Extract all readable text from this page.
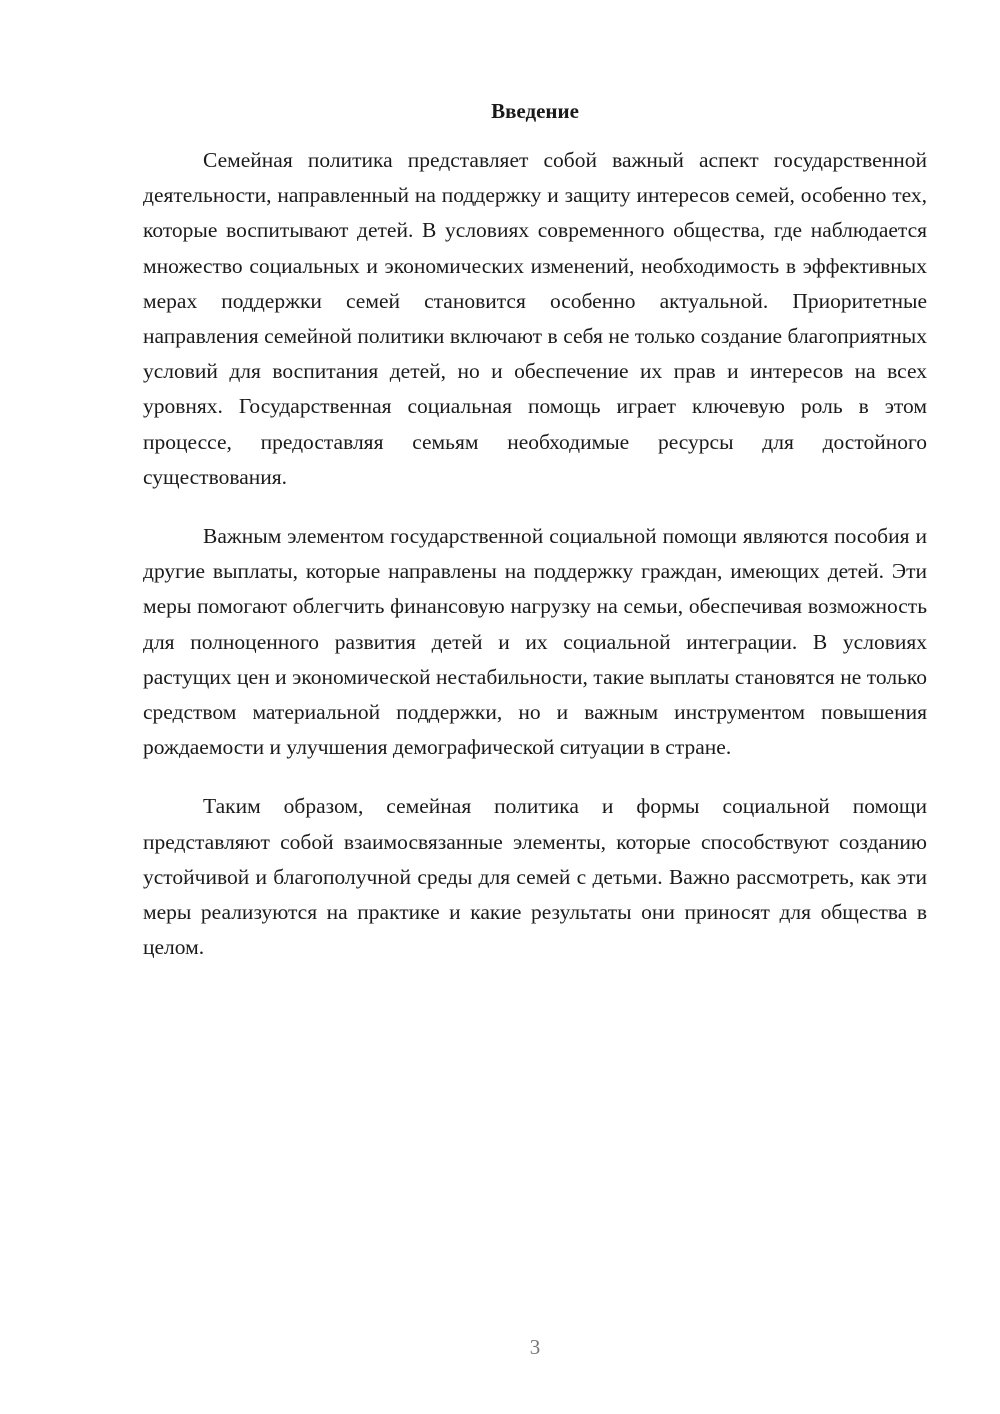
Введение

Семейная политика представляет собой важный аспект государственной деятельности, направленный на поддержку и защиту интересов семей, особенно тех, которые воспитывают детей. В условиях современного общества, где наблюдается множество социальных и экономических изменений, необходимость в эффективных мерах поддержки семей становится особенно актуальной. Приоритетные направления семейной политики включают в себя не только создание благоприятных условий для воспитания детей, но и обеспечение их прав и интересов на всех уровнях. Государственная социальная помощь играет ключевую роль в этом процессе, предоставляя семьям необходимые ресурсы для достойного существования.

Важным элементом государственной социальной помощи являются пособия и другие выплаты, которые направлены на поддержку граждан, имеющих детей. Эти меры помогают облегчить финансовую нагрузку на семьи, обеспечивая возможность для полноценного развития детей и их социальной интеграции. В условиях растущих цен и экономической нестабильности, такие выплаты становятся не только средством материальной поддержки, но и важным инструментом повышения рождаемости и улучшения демографической ситуации в стране.

Таким образом, семейная политика и формы социальной помощи представляют собой взаимосвязанные элементы, которые способствуют созданию устойчивой и благополучной среды для семей с детьми. Важно рассмотреть, как эти меры реализуются на практике и какие результаты они приносят для общества в целом.

3
